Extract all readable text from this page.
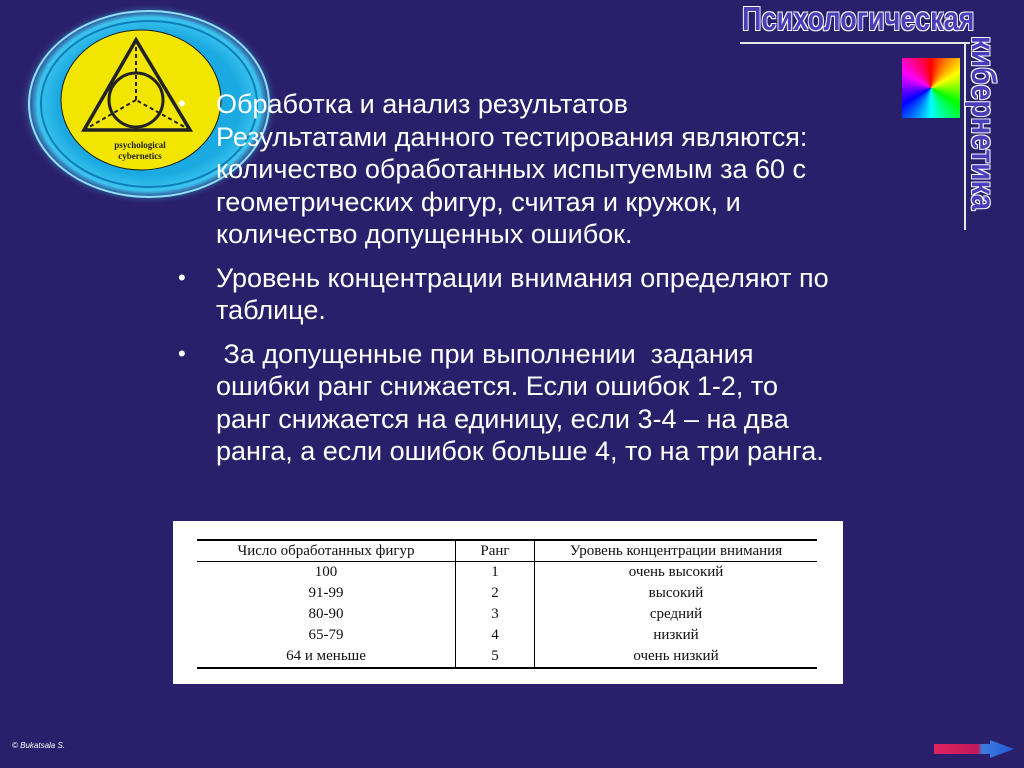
psychological
cybernetics
Психологическая
кибернетика
• Обработка и анализ результатов
Результатами данного тестирования являются:
количество обработанных испытуемым за 60 с
геометрических фигур, считая и кружок, и
количество допущенных ошибок.
• Уровень концентрации внимания определяют по
таблице.
• За допущенные при выполнении  задания
ошибки ранг снижается. Если ошибок 1-2, то
ранг снижается на единицу, если 3-4 – на два
ранга, а если ошибок больше 4, то на три ранга.
Число обработанных фигур	Ранг	Уровень концентрации внимания
100	1	очень высокий
91-99	2	высокий
80-90	3	средний
65-79	4	низкий
64 и меньше	5	очень низкий
© Bukatsala S.
